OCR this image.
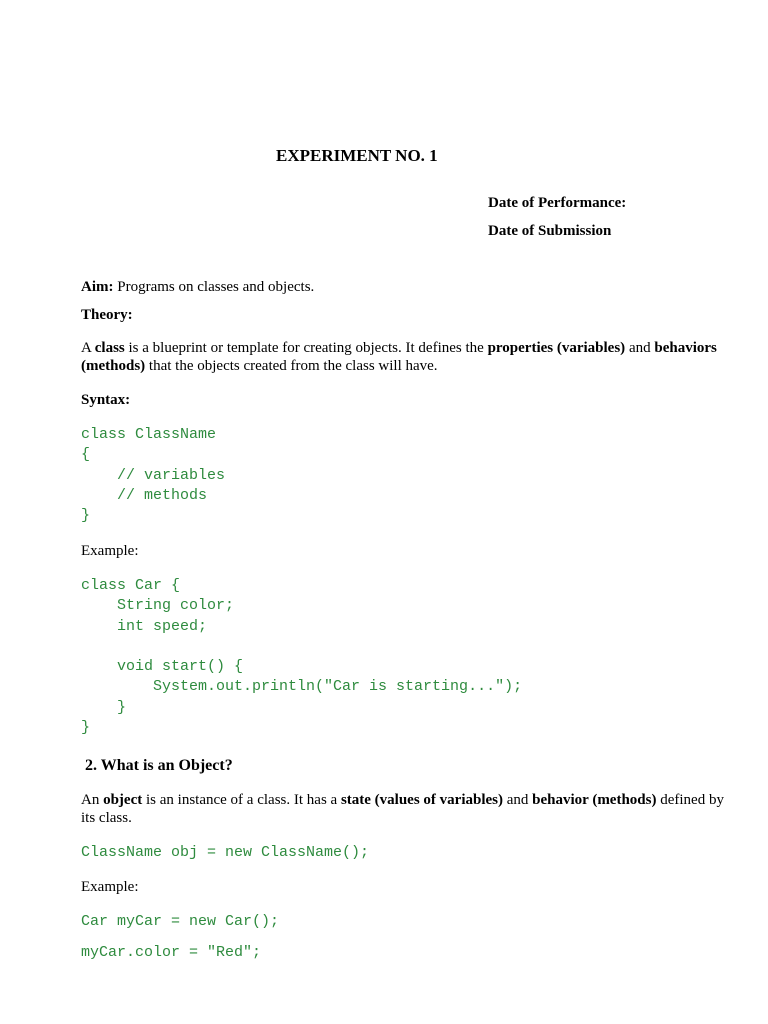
EXPERIMENT NO. 1
Date of Performance:
Date of Submission
Aim: Programs on classes and objects.
Theory:
A class is a blueprint or template for creating objects. It defines the properties (variables) and behaviors (methods) that the objects created from the class will have.
Syntax:
class ClassName
{
// variables
// methods
}
Example:
class Car {
String color;
int speed;

void start() {
System.out.println("Car is starting...");
}
}
2. What is an Object?
An object is an instance of a class. It has a state (values of variables) and behavior (methods) defined by its class.
ClassName obj = new ClassName();
Example:
Car myCar = new Car();
myCar.color = "Red";
